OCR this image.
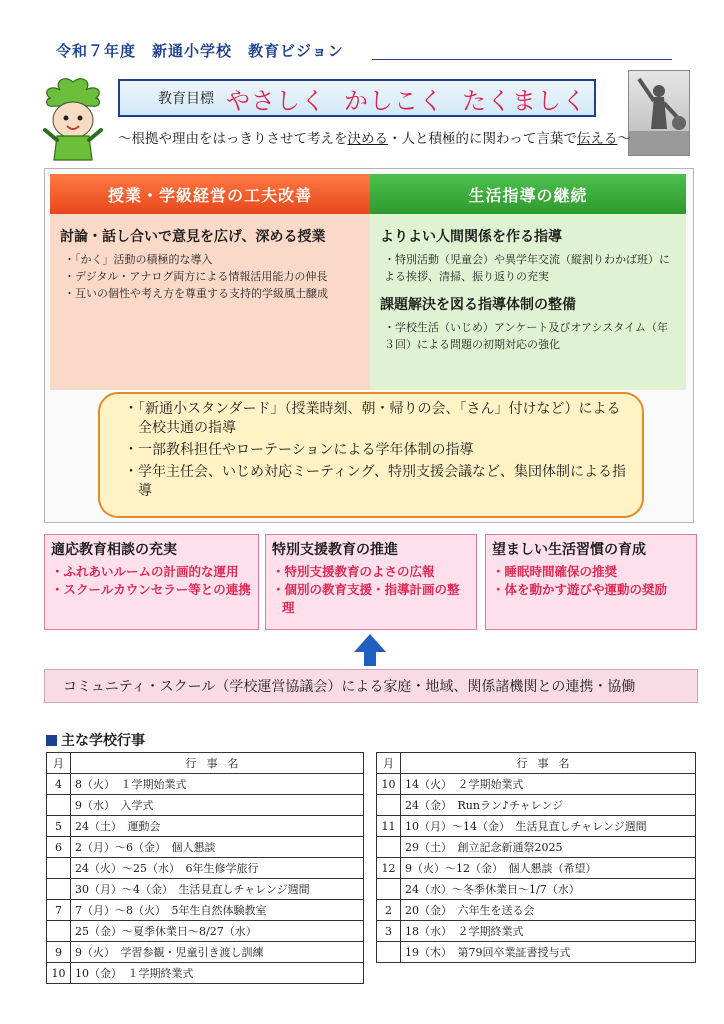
令和７年度　新通小学校　教育ビジョン
教育目標 やさしく かしこく たくましく
～根拠や理由をはっきりさせて考えを決める・人と積極的に関わって言葉で伝える～
授業・学級経営の工夫改善
討論・話し合いで意見を広げ、深める授業
・「かく」活動の積極的な導入
・デジタル・アナログ両方による情報活用能力の伸長
・互いの個性や考え方を尊重する支持的学級風土醸成
生活指導の継続
よりよい人間関係を作る指導
・特別活動（児童会）や異学年交流（縦割りわかば班）による挨拶、清掃、振り返りの充実
課題解決を図る指導体制の整備
・学校生活（いじめ）アンケート及びオアシスタイム（年３回）による問題の初期対応の強化
・「新通小スタンダード」（授業時刻、朝・帰りの会、「さん」付けなど）による全校共通の指導
・一部教科担任やローテーションによる学年体制の指導
・学年主任会、いじめ対応ミーティング、特別支援会議など、集団体制による指導
適応教育相談の充実
・ふれあいルームの計画的な運用
・スクールカウンセラー等との連携
特別支援教育の推進
・特別支援教育のよさの広報
・個別の教育支援・指導計画の整理
望ましい生活習慣の育成
・睡眠時間確保の推奨
・体を動かす遊びや運動の奨励
コミュニティ・スクール（学校運営協議会）による家庭・地域、関係諸機関との連携・協働
主な学校行事
月	行事名
4	8（火）　１学期始業式
	9（水）　入学式
5	24（土）　運動会
6	2（月）～6（金）　個人懇談
	24（火）～25（水）　6年生修学旅行
	30（月）～4（金）　生活見直しチャレンジ週間
7	7（月）～8（火）　5年生自然体験教室
	25（金）～夏季休業日～8/27（水）
9	9（火）　学習参観・児童引き渡し訓練
10	10（金）　１学期終業式
月	行事名
10	14（火）　２学期始業式
	24（金）　Runラン♪チャレンジ
11	10（月）～14（金）　生活見直しチャレンジ週間
	29（土）　創立記念新通祭2025
12	9（火）～12（金）　個人懇談（希望）
	24（水）～冬季休業日～1/7（水）
2	20（金）　六年生を送る会
3	18（水）　２学期終業式
	19（木）　第79回卒業証書授与式
